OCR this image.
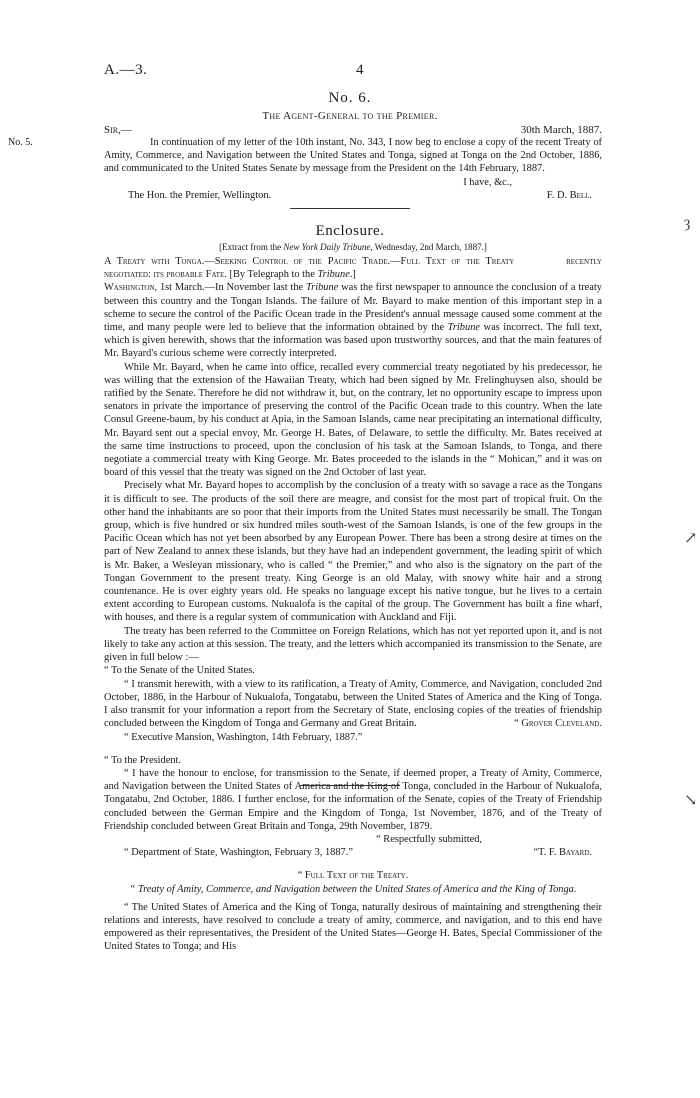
A.—3.	4
No. 6.
The Agent-General to the Premier.
Sir,—	30th March, 1887.
No. 5.	In continuation of my letter of the 10th instant, No. 343, I now beg to enclose a copy of the recent Treaty of Amity, Commerce, and Navigation between the United States and Tonga, signed at Tonga on the 2nd October, 1886, and communicated to the United States Senate by message from the President on the 14th February, 1887.

I have, &c.,

The Hon. the Premier, Wellington.	F. D. Bell.
Enclosure.
[Extract from the New York Daily Tribune, Wednesday, 2nd March, 1887.]

A Treaty with Tonga.—Seeking Control of the Pacific Trade.—Full Text of the Treaty	recently negotiated: its probable Fate. [By Telegraph to the Tribune.]

Washington, 1st March.—In November last the Tribune was the first newspaper to announce the conclusion of a treaty between this country and the Tongan Islands. The failure of Mr. Bayard to make mention of this important step in a scheme to secure the control of the Pacific Ocean trade in the President's annual message caused some comment at the time, and many people were led to believe that the information obtained by the Tribune was incorrect. The full text, which is given herewith, shows that the information was based upon trustworthy sources, and that the main features of Mr. Bayard's curious scheme were correctly interpreted.

While Mr. Bayard, when he came into office, recalled every commercial treaty negotiated by his predecessor, he was willing that the extension of the Hawaiian Treaty, which had been signed by Mr. Frelinghuysen also, should be ratified by the Senate. Therefore he did not withdraw it, but, on the contrary, let no opportunity escape to impress upon senators in private the importance of preserving the control of the Pacific Ocean trade to this country. When the late Consul Greene-baum, by his conduct at Apia, in the Samoan Islands, came near precipitating an international difficulty, Mr. Bayard sent out a special envoy, Mr. George H. Bates, of Delaware, to settle the difficulty. Mr. Bates received at the same time instructions to proceed, upon the conclusion of his task at the Samoan Islands, to Tonga, and there negotiate a commercial treaty with King George. Mr. Bates proceeded to the islands in the “ Mohican,” and it was on board of this vessel that the treaty was signed on the 2nd October of last year.

Precisely what Mr. Bayard hopes to accomplish by the conclusion of a treaty with so savage a race as the Tongans it is difficult to see. The products of the soil there are meagre, and consist for the most part of tropical fruit. On the other hand the inhabitants are so poor that their imports from the United States must necessarily be small. The Tongan group, which is five hundred or six hundred miles south-west of the Samoan Islands, is one of the few groups in the Pacific Ocean which has not yet been absorbed by any European Power. There has been a strong desire at times on the part of New Zealand to annex these islands, but they have had an independent government, the leading spirit of which is Mr. Baker, a Wesleyan missionary, who is called “ the Premier,” and who also is the signatory on the part of the Tongan Government to the present treaty. King George is an old Malay, with snowy white hair and a strong countenance. He is over eighty years old. He speaks no language except his native tongue, but he lives to a certain extent according to European customs. Nukualofa is the capital of the group. The Government has built a fine wharf, with houses, and there is a regular system of communication with Auckland and Fiji.

The treaty has been referred to the Committee on Foreign Relations, which has not yet reported upon it, and is not likely to take any action at this session. The treaty, and the letters which accompanied its transmission to the Senate, are given in full below :—

“ To the Senate of the United States.

“ I transmit herewith, with a view to its ratification, a Treaty of Amity, Commerce, and Navigation, concluded 2nd October, 1886, in the Harbour of Nukualofa, Tongatabu, between the United States of America and the King of Tonga. I also transmit for your information a report from the Secretary of State, enclosing copies of the treaties of friendship concluded between the Kingdom of Tonga and Germany and Great Britain.	“ Grover Cleveland.

“ Executive Mansion, Washington, 14th February, 1887.”

“ To the President.

“ I have the honour to enclose, for transmission to the Senate, if deemed proper, a Treaty of Amity, Commerce, and Navigation between the United States of America and the King of Tonga, concluded in the Harbour of Nukualofa, Tongatabu, 2nd October, 1886. I further enclose, for the information of the Senate, copies of the Treaty of Friendship concluded between the German Empire and the Kingdom of Tonga, 1st November, 1876, and of the Treaty of Friendship concluded between Great Britain and Tonga, 29th November, 1879.

“ Respectfully submitted,

“ Department of State, Washington, February 3, 1887.”	“T. F. Bayard.

“ Full Text of the Treaty.

“ Treaty of Amity, Commerce, and Navigation between the United States of America and the King of Tonga.

“ The United States of America and the King of Tonga, naturally desirous of maintaining and strengthening their relations and interests, have resolved to conclude a treaty of amity, commerce, and navigation, and to this end have empowered as their representatives, the President of the United States—George H. Bates, Special Commissioner of the United States to Tonga; and His

ȝ
↗
↘
